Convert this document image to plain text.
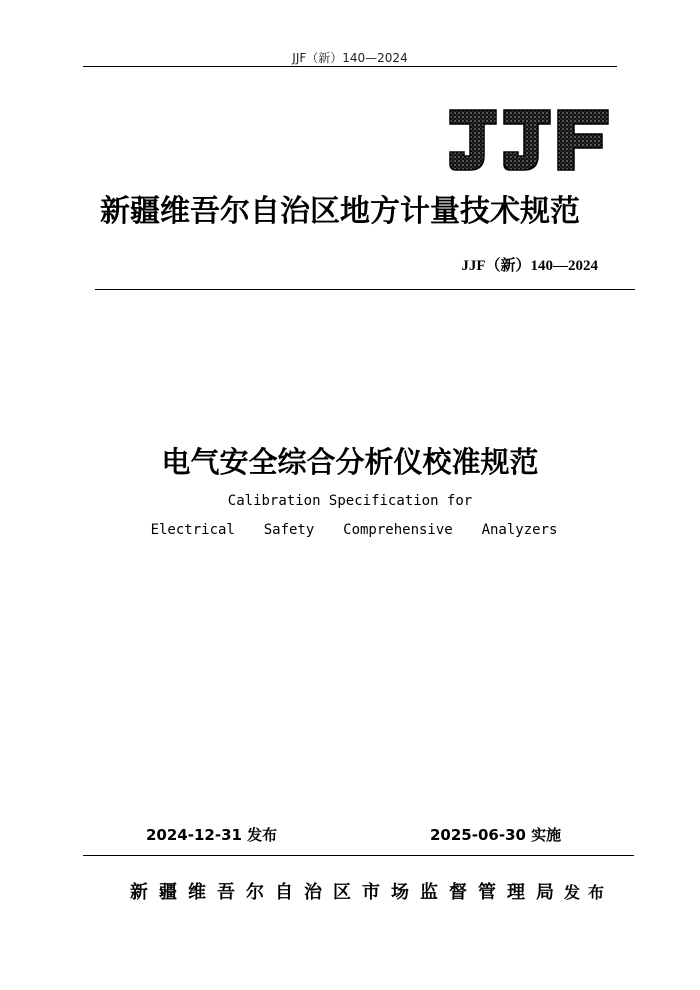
JJF（新）140—2024
JJF
新疆维吾尔自治区地方计量技术规范
JJF（新）140—2024
电气安全综合分析仪校准规范
Calibration Specification for
Electrical  Safety  Comprehensive  Analyzers
2024-12-31 发布	2025-06-30 实施
新疆维吾尔自治区市场监督管理局 发布
